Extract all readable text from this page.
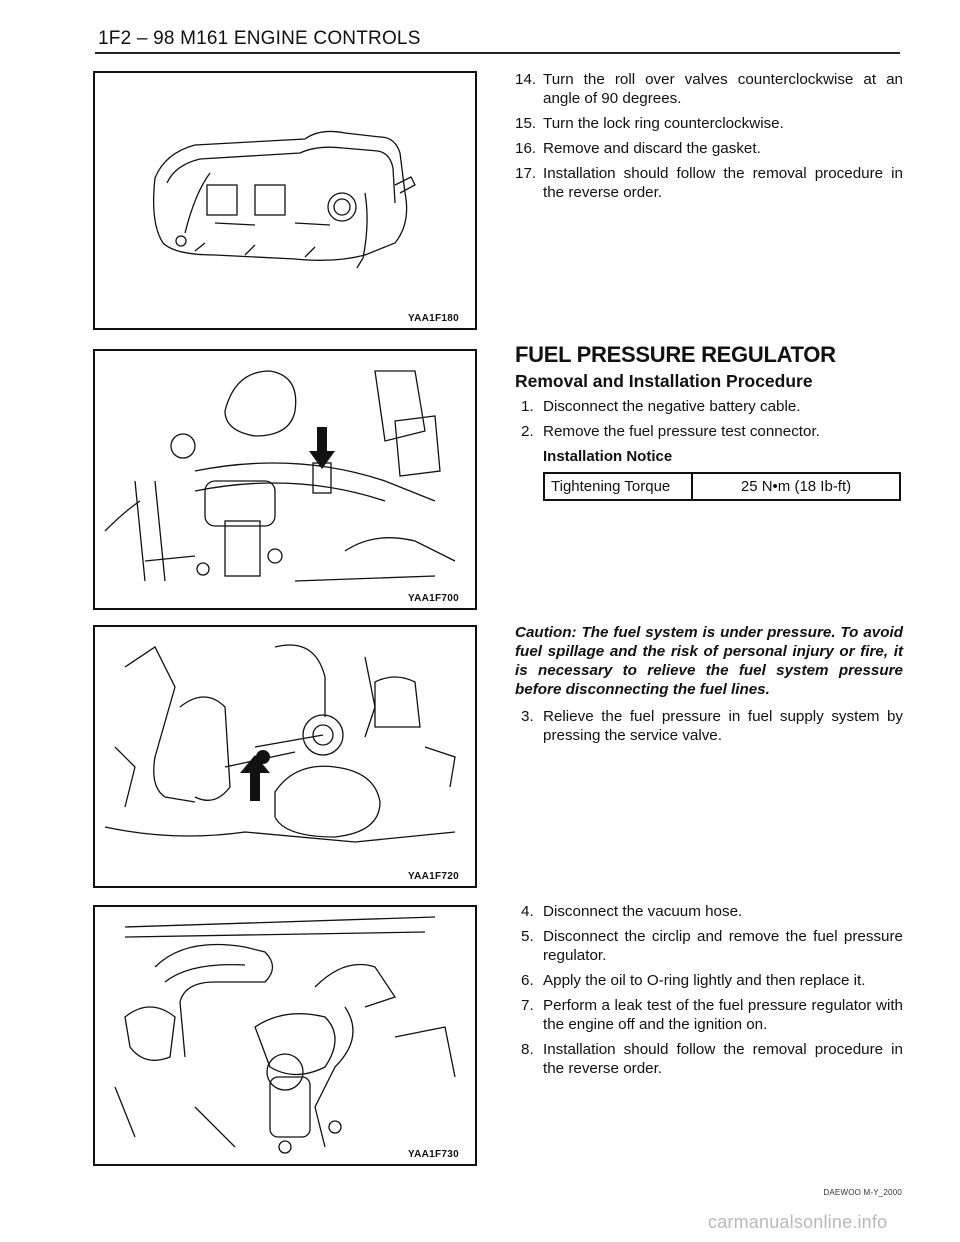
1F2 – 98 M161 ENGINE CONTROLS
YAA1F180
YAA1F700
YAA1F720
YAA1F730
14. Turn the roll over valves counterclockwise at an angle of 90 degrees.
15. Turn the lock ring counterclockwise.
16. Remove and discard the gasket.
17. Installation should follow the removal procedure in the reverse order.
FUEL PRESSURE REGULATOR
Removal and Installation Procedure
1. Disconnect the negative battery cable.
2. Remove the fuel pressure test connector.
Installation Notice
Tightening Torque	25 N•m (18 Ib-ft)
Caution: The fuel system is under pressure. To avoid fuel spillage and the risk of personal injury or fire, it is necessary to relieve the fuel system pressure before disconnecting the fuel lines.
3. Relieve the fuel pressure in fuel supply system by pressing the service valve.
4. Disconnect the vacuum hose.
5. Disconnect the circlip and remove the fuel pressure regulator.
6. Apply the oil to O-ring lightly and then replace it.
7. Perform a leak test of the fuel pressure regulator with the engine off and the ignition on.
8. Installation should follow the removal procedure in the reverse order.
DAEWOO M-Y_2000
carmanualsonline.info
